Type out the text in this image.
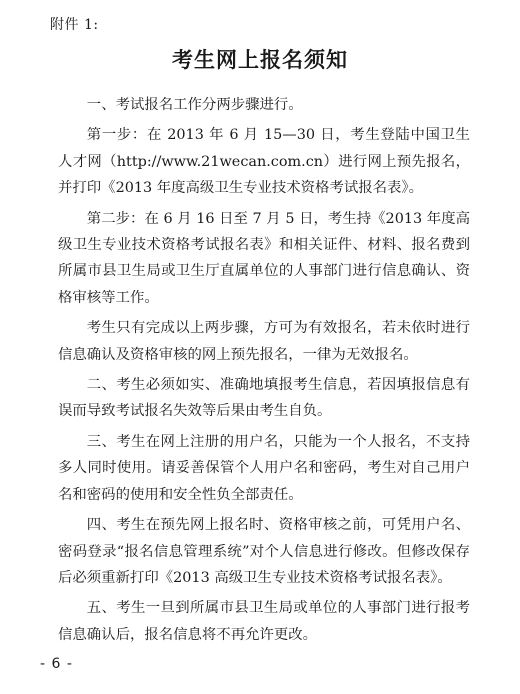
附件 1:
考生网上报名须知

一、考试报名工作分两步骤进行。

第一步：在 2013 年 6 月 15—30 日，考生登陆中国卫生人才网（http://www.21wecan.com.cn）进行网上预先报名，并打印《2013 年度高级卫生专业技术资格考试报名表》。

第二步：在 6 月 16 日至 7 月 5 日，考生持《2013 年度高级卫生专业技术资格考试报名表》和相关证件、材料、报名费到所属市县卫生局或卫生厅直属单位的人事部门进行信息确认、资格审核等工作。

考生只有完成以上两步骤，方可为有效报名，若未依时进行信息确认及资格审核的网上预先报名，一律为无效报名。

二、考生必须如实、准确地填报考生信息，若因填报信息有误而导致考试报名失效等后果由考生自负。

三、考生在网上注册的用户名，只能为一个人报名，不支持多人同时使用。请妥善保管个人用户名和密码，考生对自己用户名和密码的使用和安全性负全部责任。

四、考生在预先网上报名时、资格审核之前，可凭用户名、密码登录“报名信息管理系统”对个人信息进行修改。但修改保存后必须重新打印《2013 高级卫生专业技术资格考试报名表》。

五、考生一旦到所属市县卫生局或单位的人事部门进行报考信息确认后，报名信息将不再允许更改。

- 6 -
